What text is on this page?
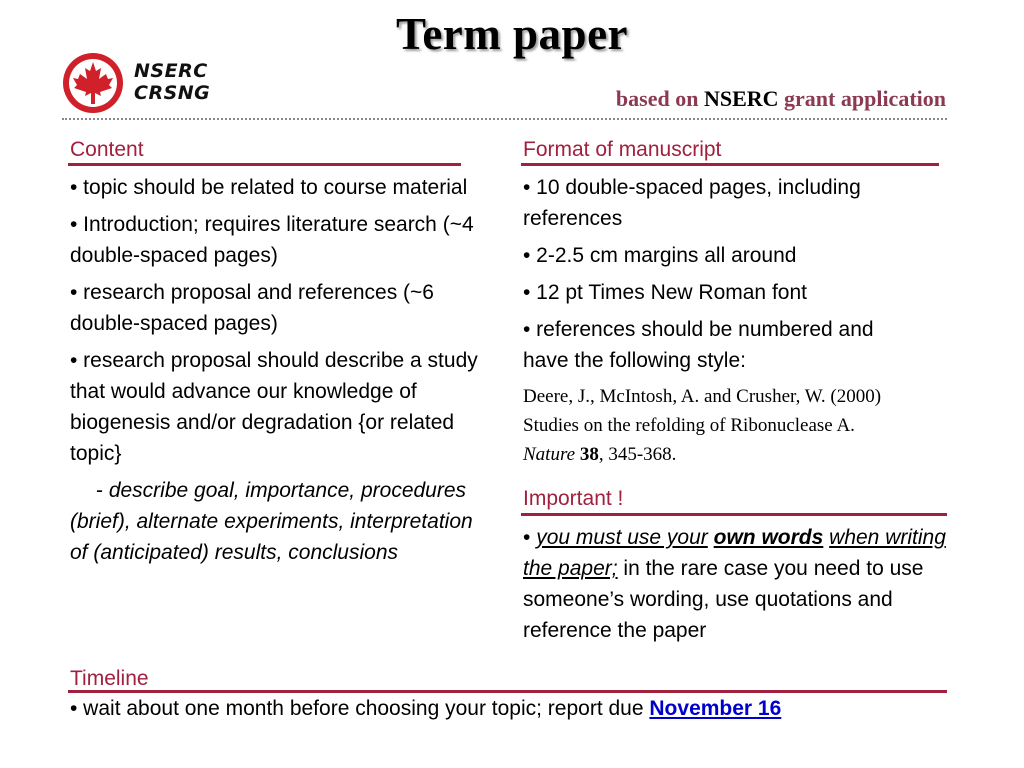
Term paper
NSERC
CRSNG	based on NSERC grant application
Content

• topic should be related to course material

• Introduction; requires literature search (~4 double-spaced pages)

• research proposal and references (~6 double-spaced pages)

• research proposal should describe a study that would advance our knowledge of biogenesis and/or degradation {or related topic}

- describe goal, importance, procedures (brief), alternate experiments, interpretation of (anticipated) results, conclusions

Format of manuscript

• 10 double-spaced pages, including references

• 2-2.5 cm margins all around

• 12 pt Times New Roman font

• references should be numbered and have the following style:

Deere, J., McIntosh, A. and Crusher, W. (2000) Studies on the refolding of Ribonuclease A. Nature 38, 345-368.

Important !

• you must use your own words when writing the paper; in the rare case you need to use someone’s wording, use quotations and reference the paper

Timeline
• wait about one month before choosing your topic; report due November 16
